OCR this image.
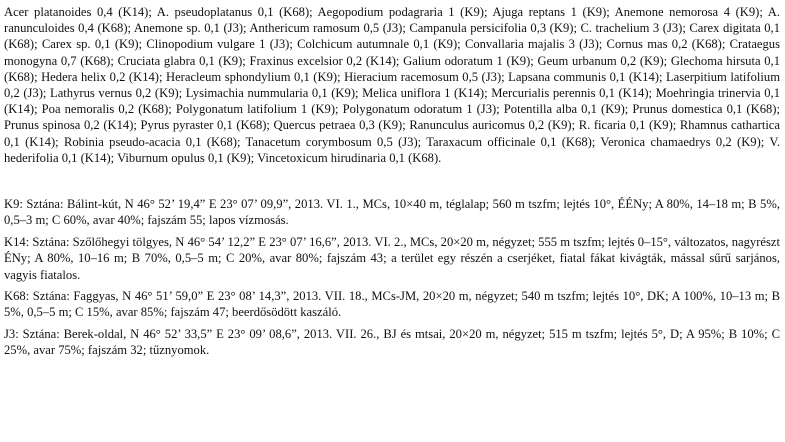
Acer platanoides 0,4 (K14); A. pseudoplatanus 0,1 (K68); Aegopodium podagraria 1 (K9); Ajuga reptans 1 (K9); Anemone nemorosa 4 (K9); A. ranunculoides 0,4 (K68); Anemone sp. 0,1 (J3); Anthericum ramosum 0,5 (J3); Campanula persicifolia 0,3 (K9); C. trachelium 3 (J3); Carex digitata 0,1 (K68); Carex sp. 0,1 (K9); Clinopodium vulgare 1 (J3); Colchicum autumnale 0,1 (K9); Convallaria majalis 3 (J3); Cornus mas 0,2 (K68); Crataegus monogyna 0,7 (K68); Cruciata glabra 0,1 (K9); Fraxinus excelsior 0,2 (K14); Galium odoratum 1 (K9); Geum urbanum 0,2 (K9); Glechoma hirsuta 0,1 (K68); Hedera helix 0,2 (K14); Heracleum sphondylium 0,1 (K9); Hieracium racemosum 0,5 (J3); Lapsana communis 0,1 (K14); Laserpitium latifolium 0,2 (J3); Lathyrus vernus 0,2 (K9); Lysimachia nummularia 0,1 (K9); Melica uniflora 1 (K14); Mercurialis perennis 0,1 (K14); Moehringia trinervia 0,1 (K14); Poa nemoralis 0,2 (K68); Polygonatum latifolium 1 (K9); Polygonatum odoratum 1 (J3); Potentilla alba 0,1 (K9); Prunus domestica 0,1 (K68); Prunus spinosa 0,2 (K14); Pyrus pyraster 0,1 (K68); Quercus petraea 0,3 (K9); Ranunculus auricomus 0,2 (K9); R. ficaria 0,1 (K9); Rhamnus cathartica 0,1 (K14); Robinia pseudo-acacia 0,1 (K68); Tanacetum corymbosum 0,5 (J3); Taraxacum officinale 0,1 (K68); Veronica chamaedrys 0,2 (K9); V. hederifolia 0,1 (K14); Viburnum opulus 0,1 (K9); Vincetoxicum hirudinaria 0,1 (K68).

K9: Sztána: Bálint-kút, N 46° 52’ 19,4” E 23° 07’ 09,9”, 2013. VI. 1., MCs, 10×40 m, téglalap; 560 m tszfm; lejtés 10°, ÉÉNy; A 80%, 14–18 m; B 5%, 0,5–3 m; C 60%, avar 40%; fajszám 55; lapos vízmosás.

K14: Sztána: Szőlőhegyi tölgyes, N 46° 54’ 12,2” E 23° 07’ 16,6”, 2013. VI. 2., MCs, 20×20 m, négyzet; 555 m tszfm; lejtés 0–15°, változatos, nagyrészt ÉNy; A 80%, 10–16 m; B 70%, 0,5–5 m; C 20%, avar 80%; fajszám 43; a terület egy részén a cserjéket, fiatal fákat kivágták, mással sűrű sarjános, vagyis fiatalos.

K68: Sztána: Faggyas, N 46° 51’ 59,0” E 23° 08’ 14,3”, 2013. VII. 18., MCs-JM, 20×20 m, négyzet; 540 m tszfm; lejtés 10°, DK; A 100%, 10–13 m; B 5%, 0,5–5 m; C 15%, avar 85%; fajszám 47; beerdősödött kaszáló.

J3: Sztána: Berek-oldal, N 46° 52’ 33,5” E 23° 09’ 08,6”, 2013. VII. 26., BJ és mtsai, 20×20 m, négyzet; 515 m tszfm; lejtés 5°, D; A 95%; B 10%; C 25%, avar 75%; fajszám 32; tűznyomok.
